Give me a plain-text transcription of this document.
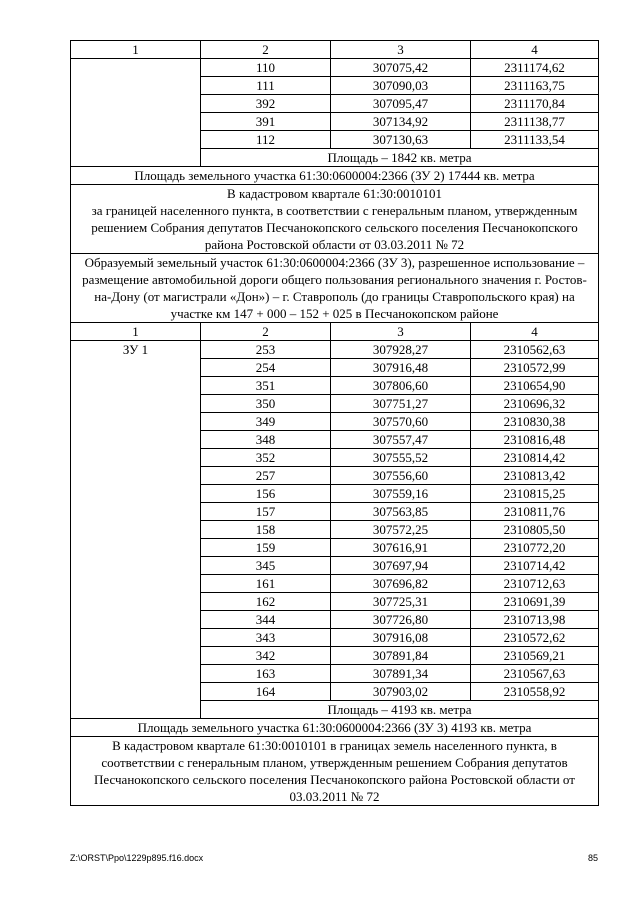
1	2	3	4
	110	307075,42	2311174,62
	111	307090,03	2311163,75
	392	307095,47	2311170,84
	391	307134,92	2311138,77
	112	307130,63	2311133,54
	Площадь – 1842 кв. метра		
Площадь земельного участка 61:30:0600004:2366 (ЗУ 2) 17444 кв. метра			

В кадастровом квартале 61:30:0010101
за границей населенного пункта, в соответствии с генеральным планом, утвержденным решением Собрания депутатов Песчанокопского сельского поселения Песчанокопского района Ростовской области от 03.03.2011 № 72			

Образуемый земельный участок 61:30:0600004:2366 (ЗУ 3), разрешенное использование – размещение автомобильной дороги общего пользования регионального значения г. Ростов-на-Дону (от магистрали «Дон») – г. Ставрополь (до границы Ставропольского края) на участке км 147 + 000 – 152 + 025 в Песчанокопском районе			
1	2	3	4
ЗУ 1	253	307928,27	2310562,63
	254	307916,48	2310572,99
	351	307806,60	2310654,90
	350	307751,27	2310696,32
	349	307570,60	2310830,38
	348	307557,47	2310816,48
	352	307555,52	2310814,42
	257	307556,60	2310813,42
	156	307559,16	2310815,25
	157	307563,85	2310811,76
	158	307572,25	2310805,50
	159	307616,91	2310772,20
	345	307697,94	2310714,42
	161	307696,82	2310712,63
	162	307725,31	2310691,39
	344	307726,80	2310713,98
	343	307916,08	2310572,62
	342	307891,84	2310569,21
	163	307891,34	2310567,63
	164	307903,02	2310558,92
	Площадь – 4193 кв. метра		
Площадь земельного участка 61:30:0600004:2366 (ЗУ 3) 4193 кв. метра			
В кадастровом квартале 61:30:0010101 в границах земель населенного пункта, в соответствии с генеральным планом, утвержденным решением Собрания депутатов Песчанокопского сельского поселения Песчанокопского района Ростовской области от 03.03.2011 № 72			
Z:\ORST\Ppo\1229p895.f16.docx	85
